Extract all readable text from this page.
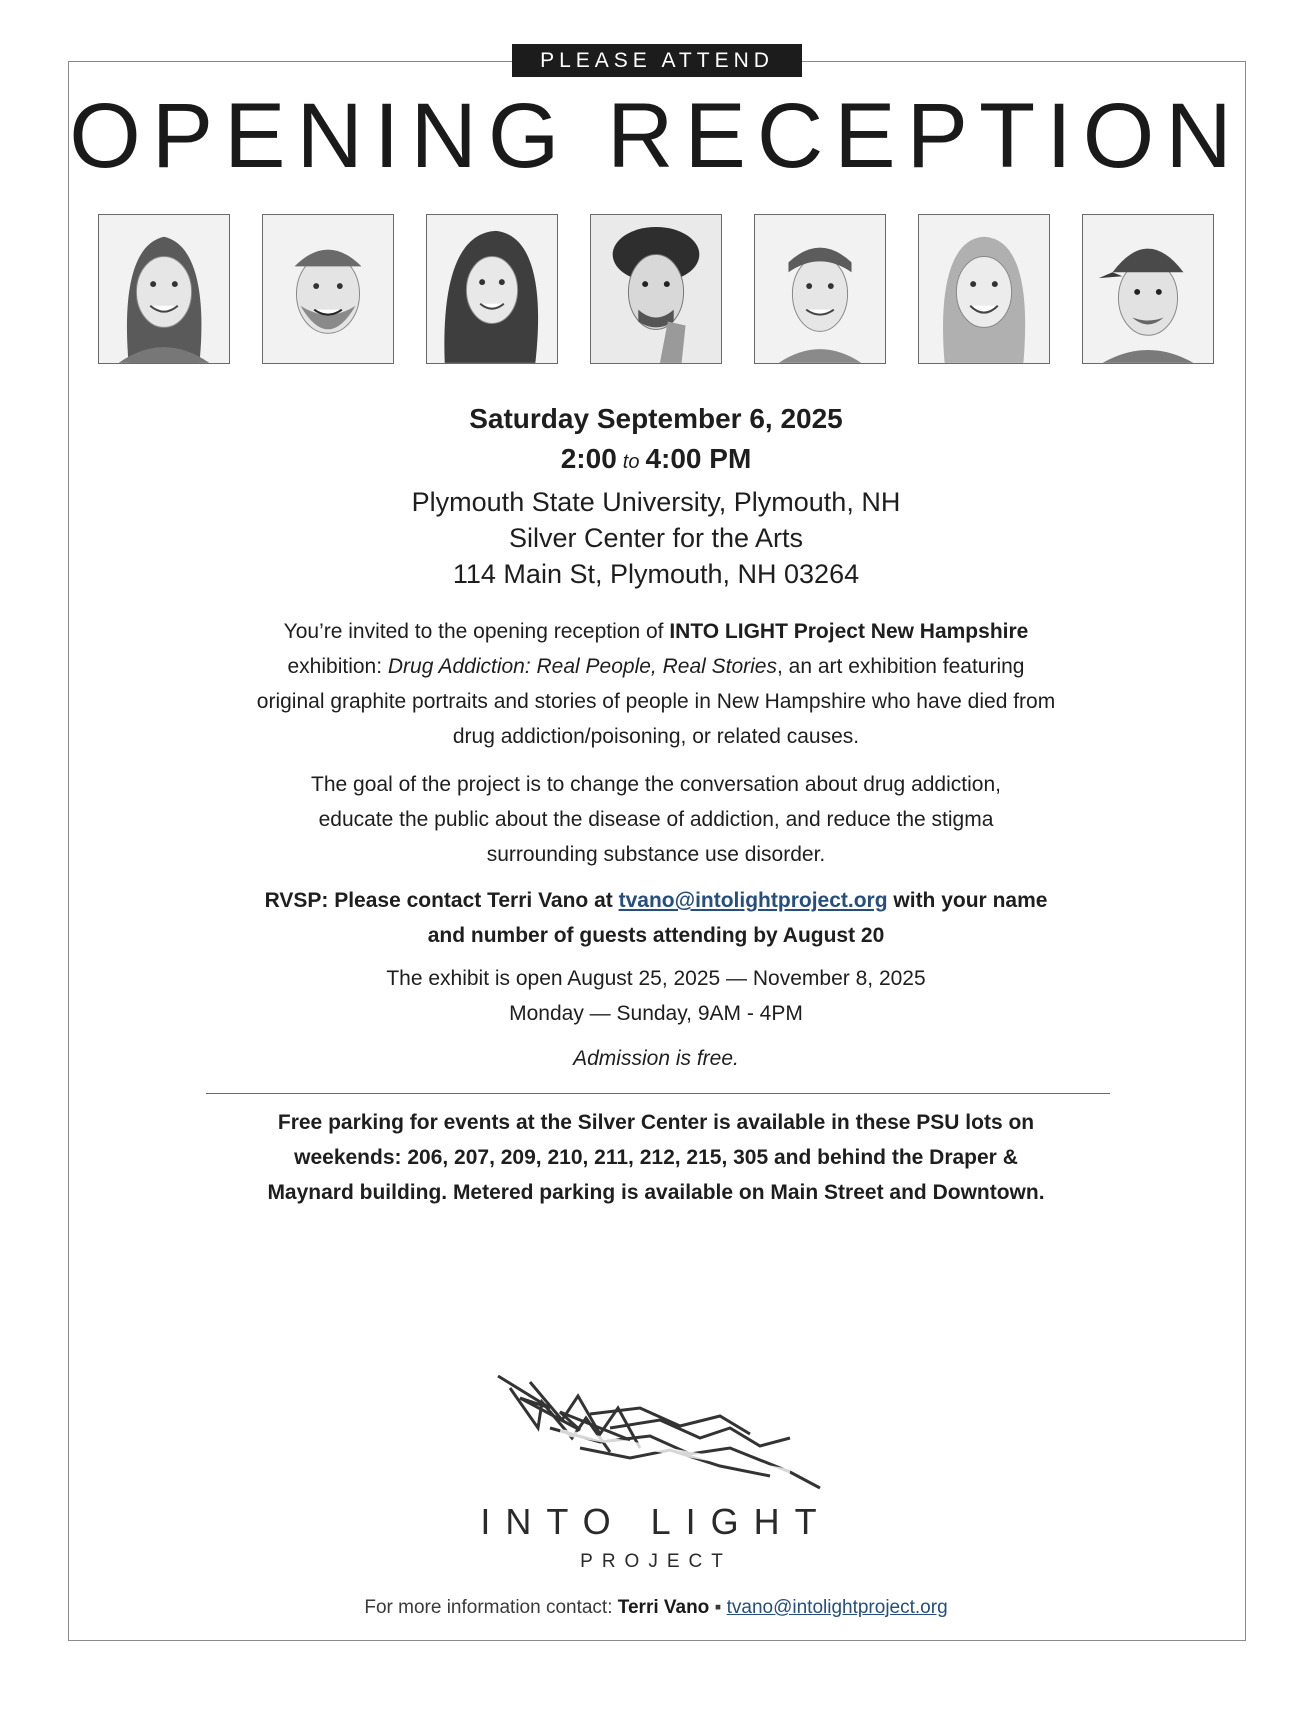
PLEASE ATTEND
OPENING RECEPTION
Saturday September 6, 2025
2:00 to 4:00 PM
Plymouth State University, Plymouth, NH
Silver Center for the Arts
114 Main St, Plymouth, NH 03264
You’re invited to the opening reception of INTO LIGHT Project New Hampshire exhibition: Drug Addiction: Real People, Real Stories, an art exhibition featuring original graphite portraits and stories of people in New Hampshire who have died from drug addiction/poisoning, or related causes.
The goal of the project is to change the conversation about drug addiction,
educate the public about the disease of addiction, and reduce the stigma
surrounding substance use disorder.
RVSP: Please contact Terri Vano at tvano@intolightproject.org with your name
and number of guests attending by August 20
The exhibit is open August 25, 2025 — November 8, 2025
Monday — Sunday, 9AM - 4PM
Admission is free.
Free parking for events at the Silver Center is available in these PSU lots on
weekends: 206, 207, 209, 210, 211, 212, 215, 305 and behind the Draper &
Maynard building. Metered parking is available on Main Street and Downtown.
INTO LIGHT
PROJECT
For more information contact: Terri Vano ▪ tvano@intolightproject.org
